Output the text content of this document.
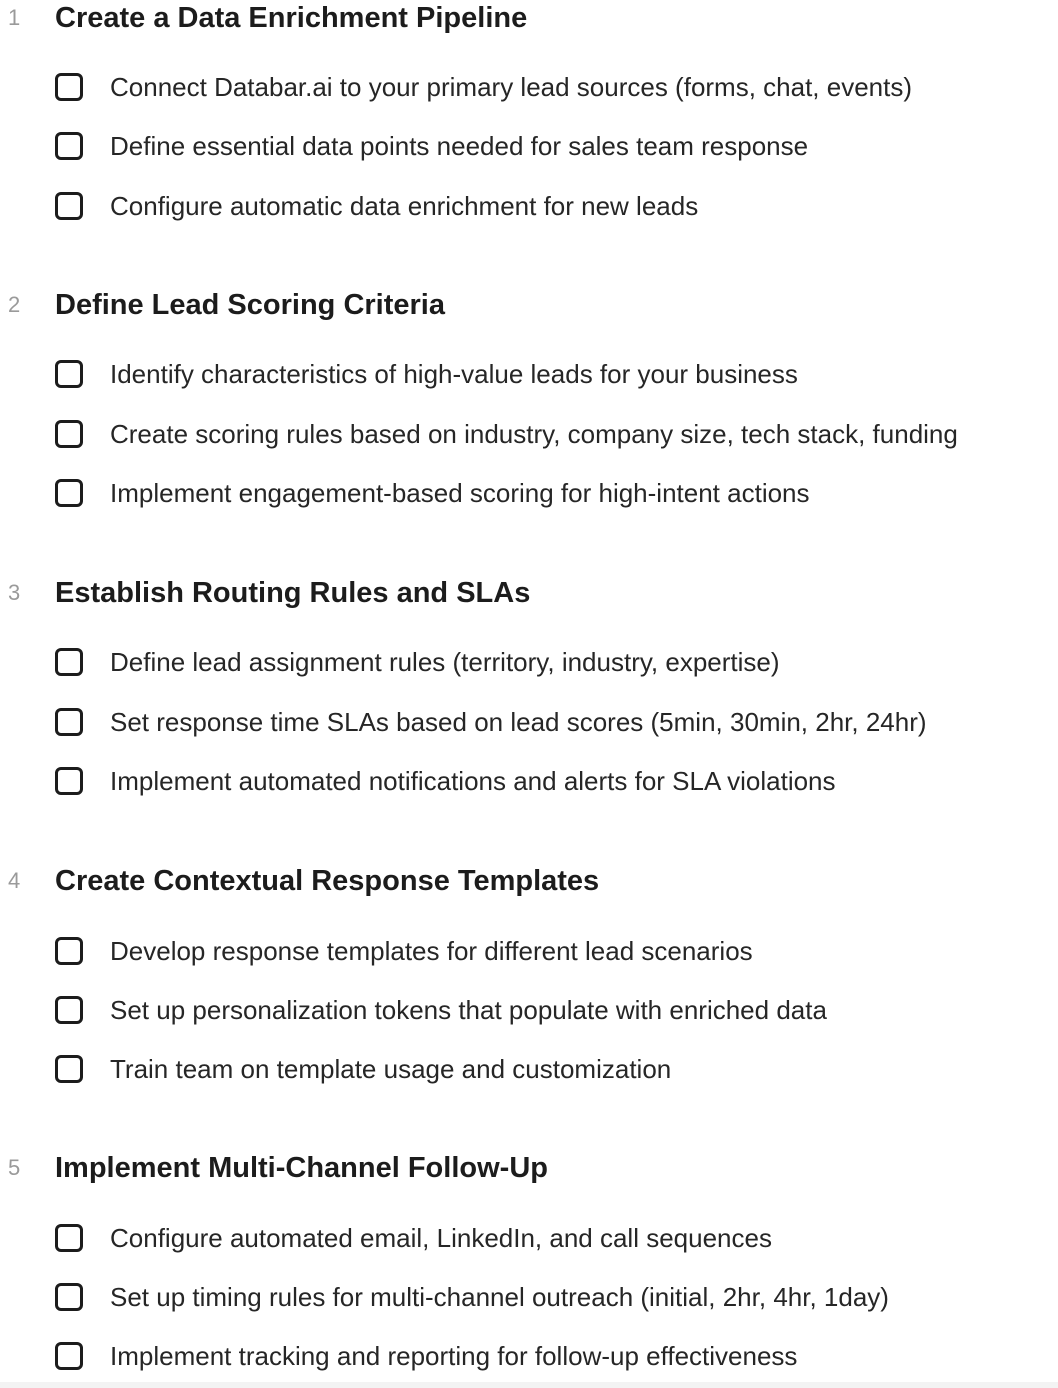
1 Create a Data Enrichment Pipeline
Connect Databar.ai to your primary lead sources (forms, chat, events)
Define essential data points needed for sales team response
Configure automatic data enrichment for new leads
2 Define Lead Scoring Criteria
Identify characteristics of high-value leads for your business
Create scoring rules based on industry, company size, tech stack, funding
Implement engagement-based scoring for high-intent actions
3 Establish Routing Rules and SLAs
Define lead assignment rules (territory, industry, expertise)
Set response time SLAs based on lead scores (5min, 30min, 2hr, 24hr)
Implement automated notifications and alerts for SLA violations
4 Create Contextual Response Templates
Develop response templates for different lead scenarios
Set up personalization tokens that populate with enriched data
Train team on template usage and customization
5 Implement Multi-Channel Follow-Up
Configure automated email, LinkedIn, and call sequences
Set up timing rules for multi-channel outreach (initial, 2hr, 4hr, 1day)
Implement tracking and reporting for follow-up effectiveness
